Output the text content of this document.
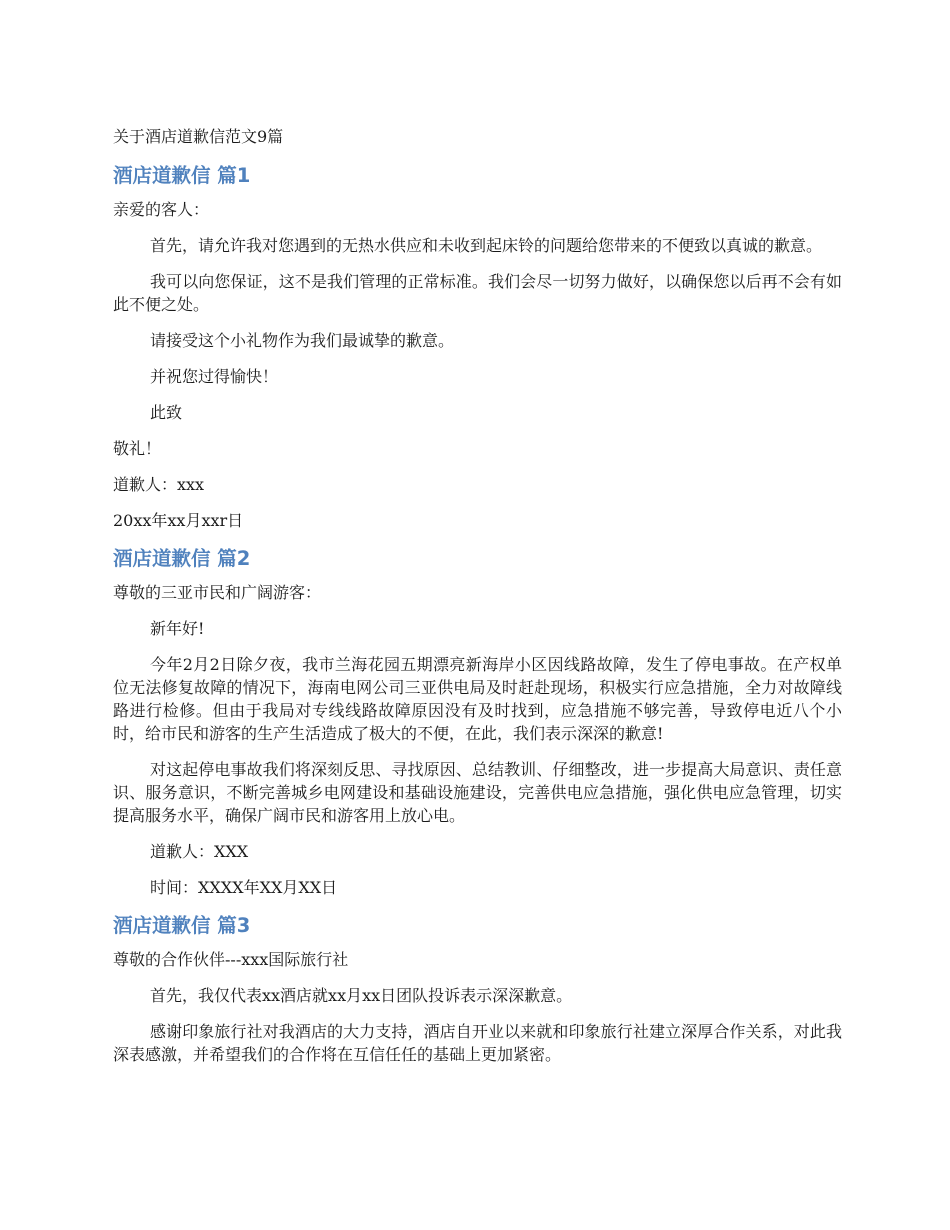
关于酒店道歉信范文9篇
酒店道歉信 篇1

亲爱的客人：

首先，请允许我对您遇到的无热水供应和未收到起床铃的问题给您带来的不便致以真诚的歉意。

我可以向您保证，这不是我们管理的正常标准。我们会尽一切努力做好，以确保您以后再不会有如此不便之处。

请接受这个小礼物作为我们最诚挚的歉意。

并祝您过得愉快！

此致

敬礼！

道歉人：xxx

20xx年xx月xxr日

酒店道歉信 篇2

尊敬的三亚市民和广阔游客：

新年好!

今年2月2日除夕夜，我市兰海花园五期漂亮新海岸小区因线路故障，发生了停电事故。在产权单位无法修复故障的情况下，海南电网公司三亚供电局及时赶赴现场，积极实行应急措施，全力对故障线路进行检修。但由于我局对专线线路故障原因没有及时找到，应急措施不够完善，导致停电近八个小时，给市民和游客的生产生活造成了极大的不便，在此，我们表示深深的歉意!

对这起停电事故我们将深刻反思、寻找原因、总结教训、仔细整改，进一步提高大局意识、责任意识、服务意识，不断完善城乡电网建设和基础设施建设，完善供电应急措施，强化供电应急管理，切实提高服务水平，确保广阔市民和游客用上放心电。

道歉人：XXX

时间：XXXX年XX月XX日

酒店道歉信 篇3

尊敬的合作伙伴---xxx国际旅行社

首先，我仅代表xx酒店就xx月xx日团队投诉表示深深歉意。

感谢印象旅行社对我酒店的大力支持，酒店自开业以来就和印象旅行社建立深厚合作关系，对此我深表感激，并希望我们的合作将在互信任任的基础上更加紧密。
